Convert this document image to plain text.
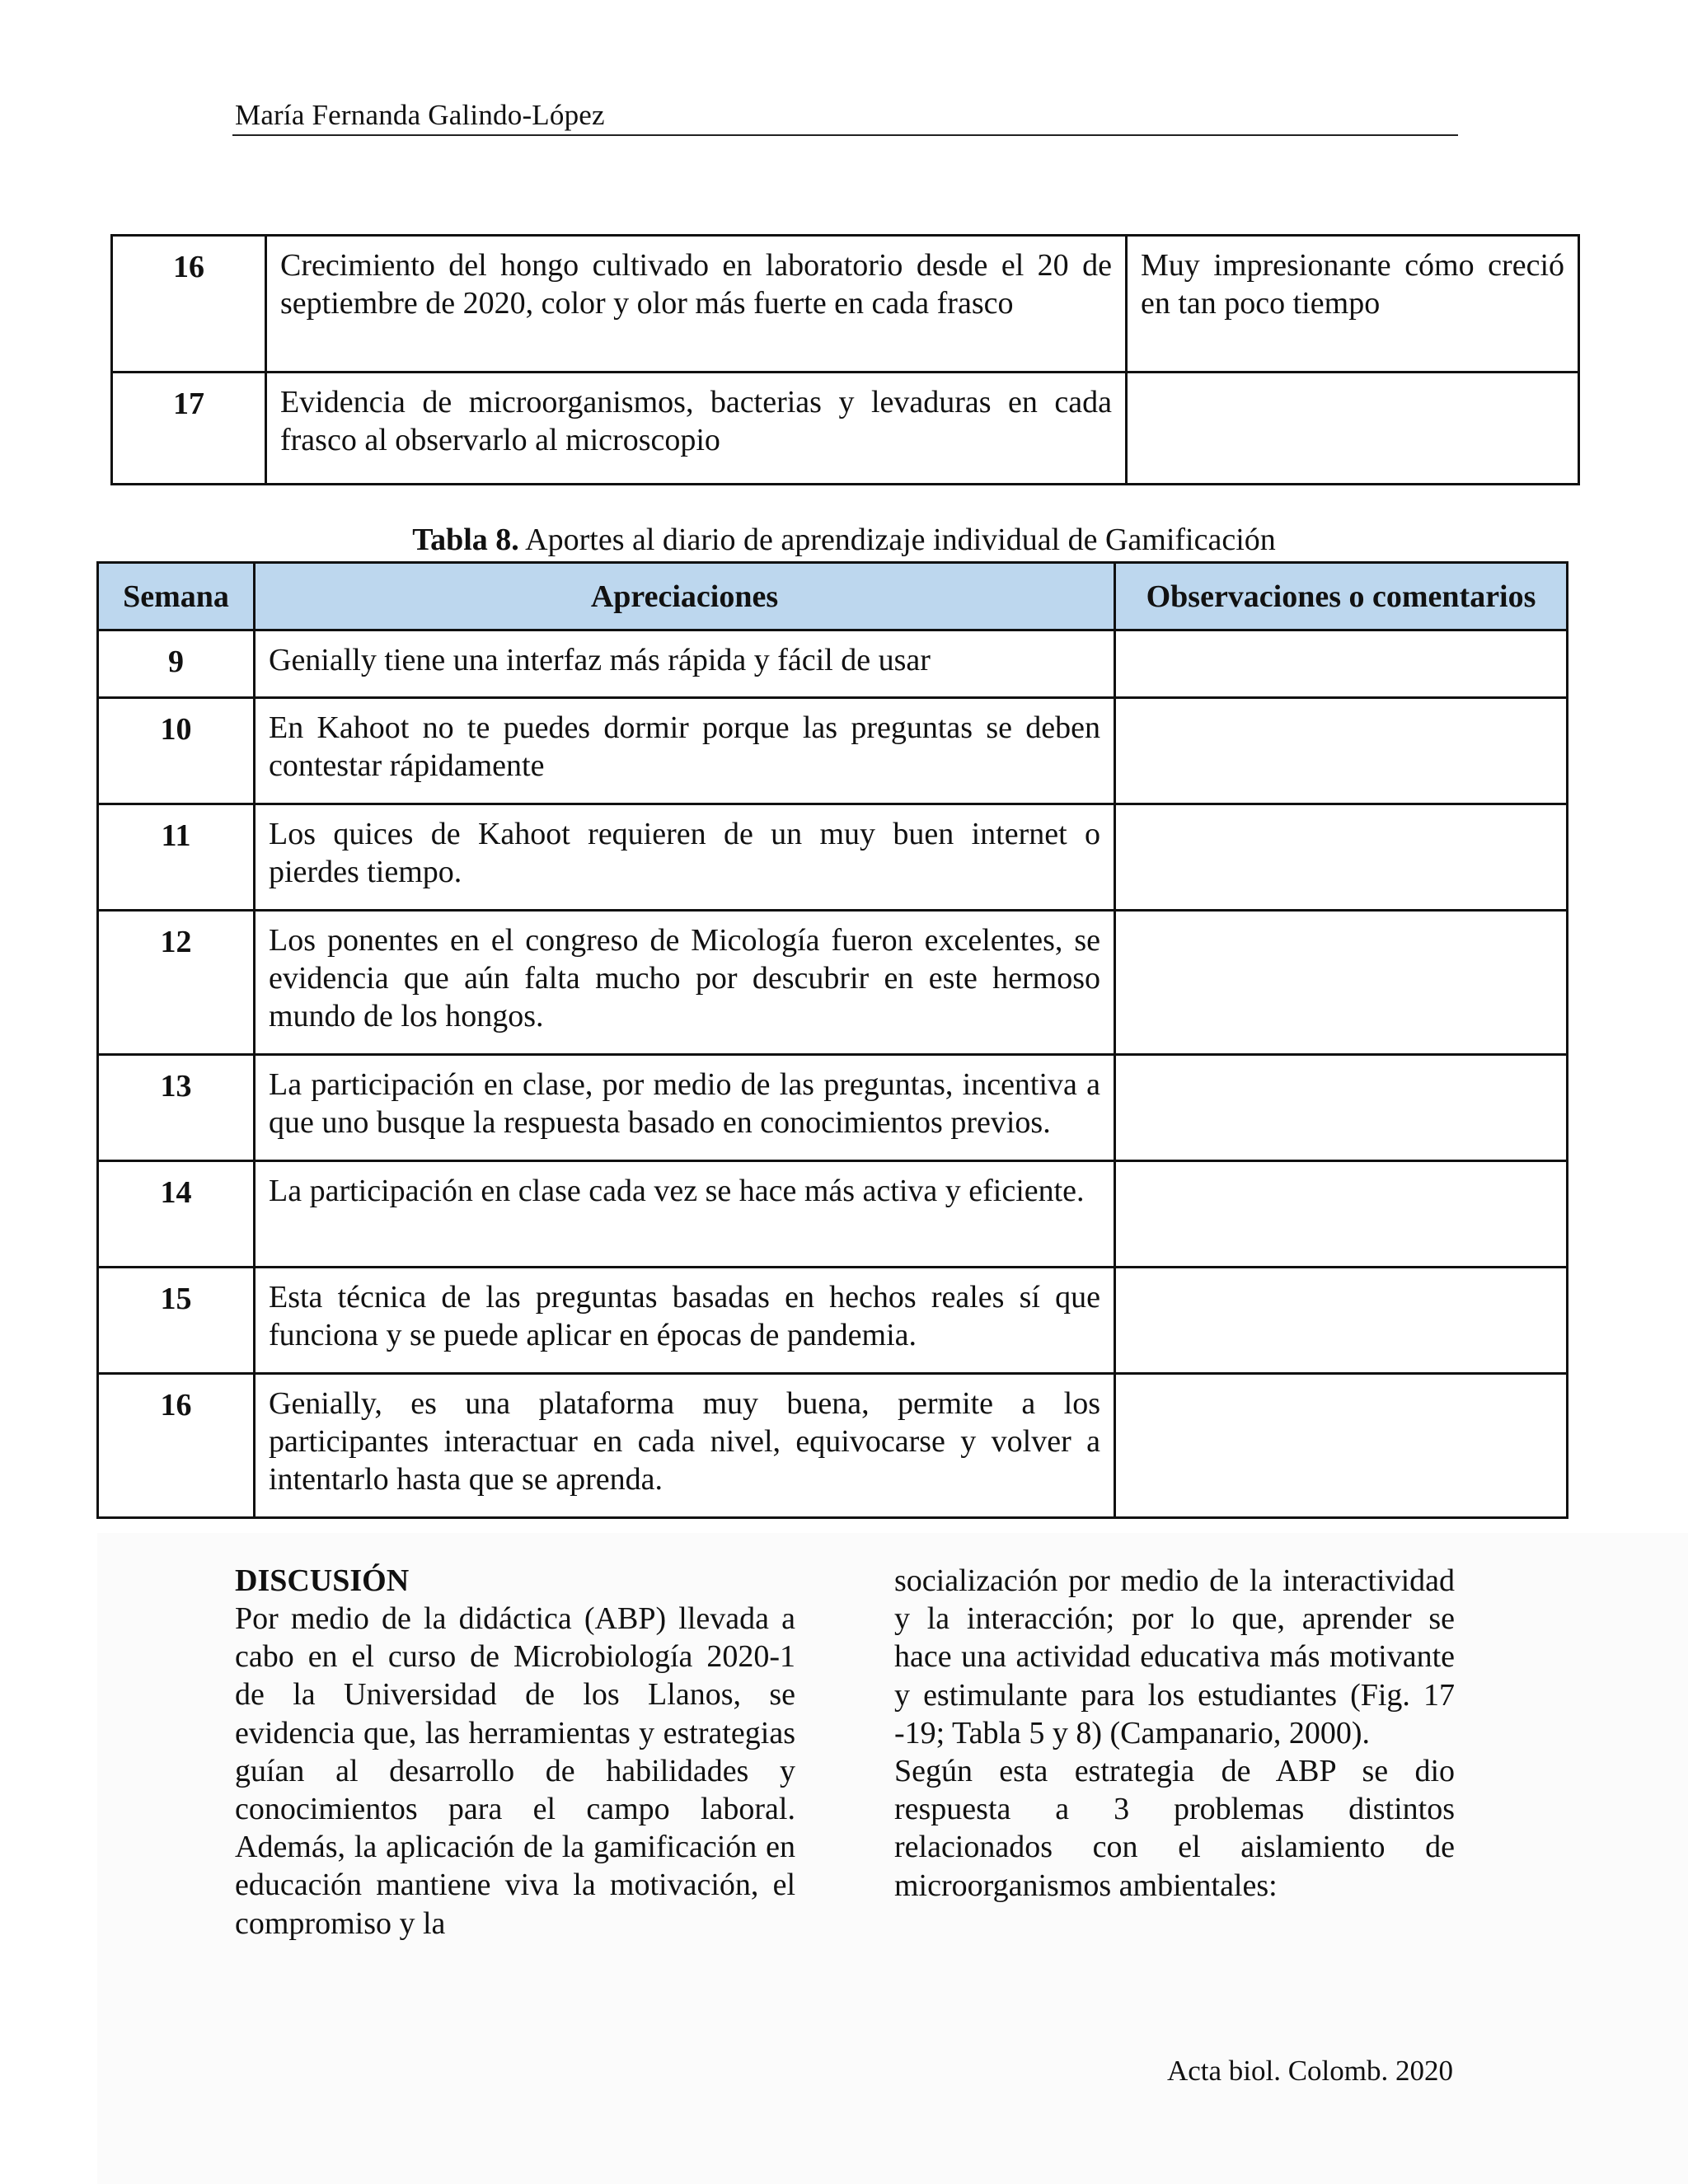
María Fernanda Galindo-López
16	Crecimiento del hongo cultivado en laboratorio desde el 20 de septiembre de 2020, color y olor más fuerte en cada frasco	Muy impresionante cómo creció en tan poco tiempo
17	Evidencia de microorganismos, bacterias y levaduras en cada frasco al observarlo al microscopio	
Tabla 8. Aportes al diario de aprendizaje individual de Gamificación
Semana	Apreciaciones	Observaciones o comentarios
9	Genially tiene una interfaz más rápida y fácil de usar	
10	En Kahoot no te puedes dormir porque las preguntas se deben contestar rápidamente	
11	Los quices de Kahoot requieren de un muy buen internet o pierdes tiempo.	
12	Los ponentes en el congreso de Micología fueron excelentes, se evidencia que aún falta mucho por descubrir en este hermoso mundo de los hongos.	
13	La participación en clase, por medio de las preguntas, incentiva a que uno busque la respuesta basado en conocimientos previos.	
14	La participación en clase cada vez se hace más activa y eficiente.	
15	Esta técnica de las preguntas basadas en hechos reales sí que funciona y se puede aplicar en épocas de pandemia.	
16	Genially, es una plataforma muy buena, permite a los participantes interactuar en cada nivel, equivocarse y volver a intentarlo hasta que se aprenda.	
DISCUSIÓN

Por medio de la didáctica (ABP) llevada a cabo en el curso de Microbiología 2020-1 de la Universidad de los Llanos, se evidencia que, las herramientas y estrategias guían al desarrollo de habilidades y conocimientos para el campo laboral. Además, la aplicación de la gamificación en educación mantiene viva la motivación, el compromiso y la

socialización por medio de la interactividad y la interacción; por lo que, aprender se hace una actividad educativa más motivante y estimulante para los estudiantes (Fig. 17 -19; Tabla 5 y 8) (Campanario, 2000).

Según esta estrategia de ABP se dio respuesta a 3 problemas distintos relacionados con el aislamiento de microorganismos ambientales:

Acta biol. Colomb. 2020
